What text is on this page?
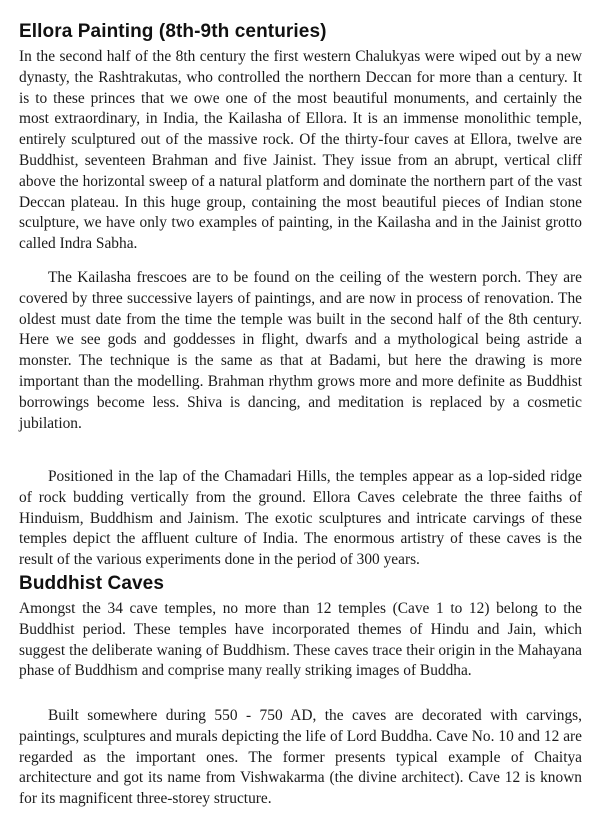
Ellora Painting (8th-9th centuries)

In the second half of the 8th century the first western Chalukyas were wiped out by a new dynasty, the Rashtrakutas, who controlled the northern Deccan for more than a century. It is to these princes that we owe one of the most beautiful monuments, and certainly the most extraordinary, in India, the Kailasha of Ellora. It is an immense monolithic temple, entirely sculptured out of the massive rock. Of the thirty-four caves at Ellora, twelve are Buddhist, seventeen Brahman and five Jainist. They issue from an abrupt, vertical cliff above the horizontal sweep of a natural platform and dominate the northern part of the vast Deccan plateau. In this huge group, containing the most beautiful pieces of Indian stone sculpture, we have only two examples of painting, in the Kailasha and in the Jainist grotto called Indra Sabha.

The Kailasha frescoes are to be found on the ceiling of the western porch. They are covered by three successive layers of paintings, and are now in process of renovation. The oldest must date from the time the temple was built in the second half of the 8th century. Here we see gods and goddesses in flight, dwarfs and a mythological being astride a monster. The technique is the same as that at Badami, but here the drawing is more important than the modelling. Brahman rhythm grows more and more definite as Buddhist borrowings become less. Shiva is dancing, and meditation is replaced by a cosmetic jubilation.

Positioned in the lap of the Chamadari Hills, the temples appear as a lop-sided ridge of rock budding vertically from the ground. Ellora Caves celebrate the three faiths of Hinduism, Buddhism and Jainism. The exotic sculptures and intricate carvings of these temples depict the affluent culture of India. The enormous artistry of these caves is the result of the various experiments done in the period of 300 years.

Buddhist Caves

Amongst the 34 cave temples, no more than 12 temples (Cave 1 to 12) belong to the Buddhist period. These temples have incorporated themes of Hindu and Jain, which suggest the deliberate waning of Buddhism. These caves trace their origin in the Mahayana phase of Buddhism and comprise many really striking images of Buddha.

Built somewhere during 550 - 750 AD, the caves are decorated with carvings, paintings, sculptures and murals depicting the life of Lord Buddha. Cave No. 10 and 12 are regarded as the important ones. The former presents typical example of Chaitya architecture and got its name from Vishwakarma (the divine architect). Cave 12 is known for its magnificent three-storey structure.
